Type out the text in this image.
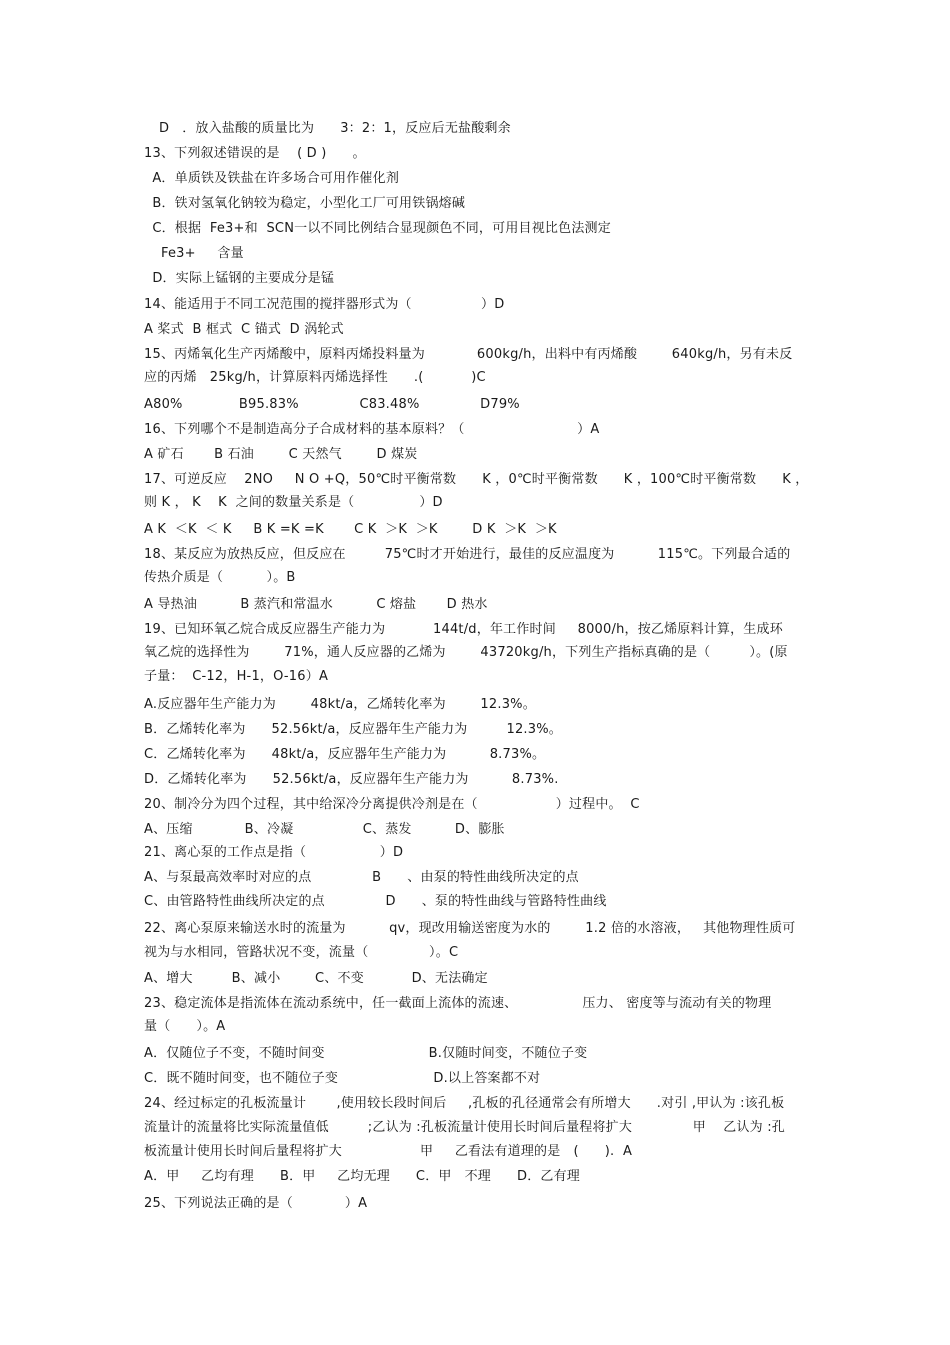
D   ．放入盐酸的质量比为      3：2：1，反应后无盐酸剩余
13、下列叙述错误的是    ( D )      。
A．单质铁及铁盐在许多场合可用作催化剂
B．铁对氢氧化钠较为稳定，小型化工厂可用铁锅熔碱
C．根据  Fe3+和  SCN一以不同比例结合显现颜色不同，可用目视比色法测定
Fe3+     含量
D．实际上锰钢的主要成分是锰
14、能适用于不同工况范围的搅拌器形式为（                ）D
A 桨式  B 框式  C 锚式  D 涡轮式
15、丙烯氧化生产丙烯酸中，原料丙烯投料量为            600kg/h，出料中有丙烯酸        640kg/h，另有未反
应的丙烯   25kg/h，计算原料丙烯选择性      .(           )C
A80%             B95.83%              C83.48%              D79%
16、下列哪个不是制造高分子合成材料的基本原料？（                          ）A
A 矿石       B 石油        C 天然气        D 煤炭
17、可逆反应    2NO     N O +Q，50℃时平衡常数      K ，0℃时平衡常数      K ，100℃时平衡常数      K ，
则 K ， K    K  之间的数量关系是（               ）D
A K  ＜K  ＜ K     B K =K =K       C K  ＞K  ＞K        D K  ＞K  ＞K
18、某反应为放热反应，但反应在         75℃时才开始进行，最佳的反应温度为          115℃。下列最合适的
传热介质是（          ）。B
A 导热油          B 蒸汽和常温水          C 熔盐       D 热水
19、已知环氧乙烷合成反应器生产能力为           144t/d，年工作时间     8000/h，按乙烯原料计算，生成环
氧乙烷的选择性为        71%，通人反应器的乙烯为        43720kg/h，下列生产指标真确的是（         ）。(原
子量：  C-12，H-1，O-16）A
A.反应器年生产能力为        48kt/a，乙烯转化率为        12.3%。
B．乙烯转化率为      52.56kt/a，反应器年生产能力为         12.3%。
C．乙烯转化率为      48kt/a，反应器年生产能力为          8.73%。
D．乙烯转化率为      52.56kt/a，反应器年生产能力为          8.73%.
20、制冷分为四个过程，其中给深冷分离提供冷剂是在（                  ）过程中。  C
A、压缩            B、冷凝                C、蒸发          D、膨胀
21、离心泵的工作点是指（                 ）D
A、与泵最高效率时对应的点              B      、由泵的特性曲线所决定的点
C、由管路特性曲线所决定的点              D      、泵的特性曲线与管路特性曲线
22、离心泵原来输送水时的流量为          qv，现改用输送密度为水的        1.2 倍的水溶液，   其他物理性质可
视为与水相同，管路状况不变，流量（              ）。C
A、增大         B、减小        C、不变           D、无法确定
23、稳定流体是指流体在流动系统中，任一截面上流体的流速、               压力、 密度等与流动有关的物理
量（      ）。A
A．仅随位子不变，不随时间变                        B.仅随时间变，不随位子变
C．既不随时间变，也不随位子变                      D.以上答案都不对
24、经过标定的孔板流量计       ,使用较长段时间后     ,孔板的孔径通常会有所增大      .对引 ,甲认为 :该孔板
流量计的流量将比实际流量值低         ;乙认为 :孔板流量计使用长时间后量程将扩大              甲    乙认为 :孔
板流量计使用长时间后量程将扩大                  甲     乙看法有道理的是   (      ).  A
A．甲     乙均有理      B．甲     乙均无理      C．甲   不理      D．乙有理
25、下列说法正确的是（            ）A
